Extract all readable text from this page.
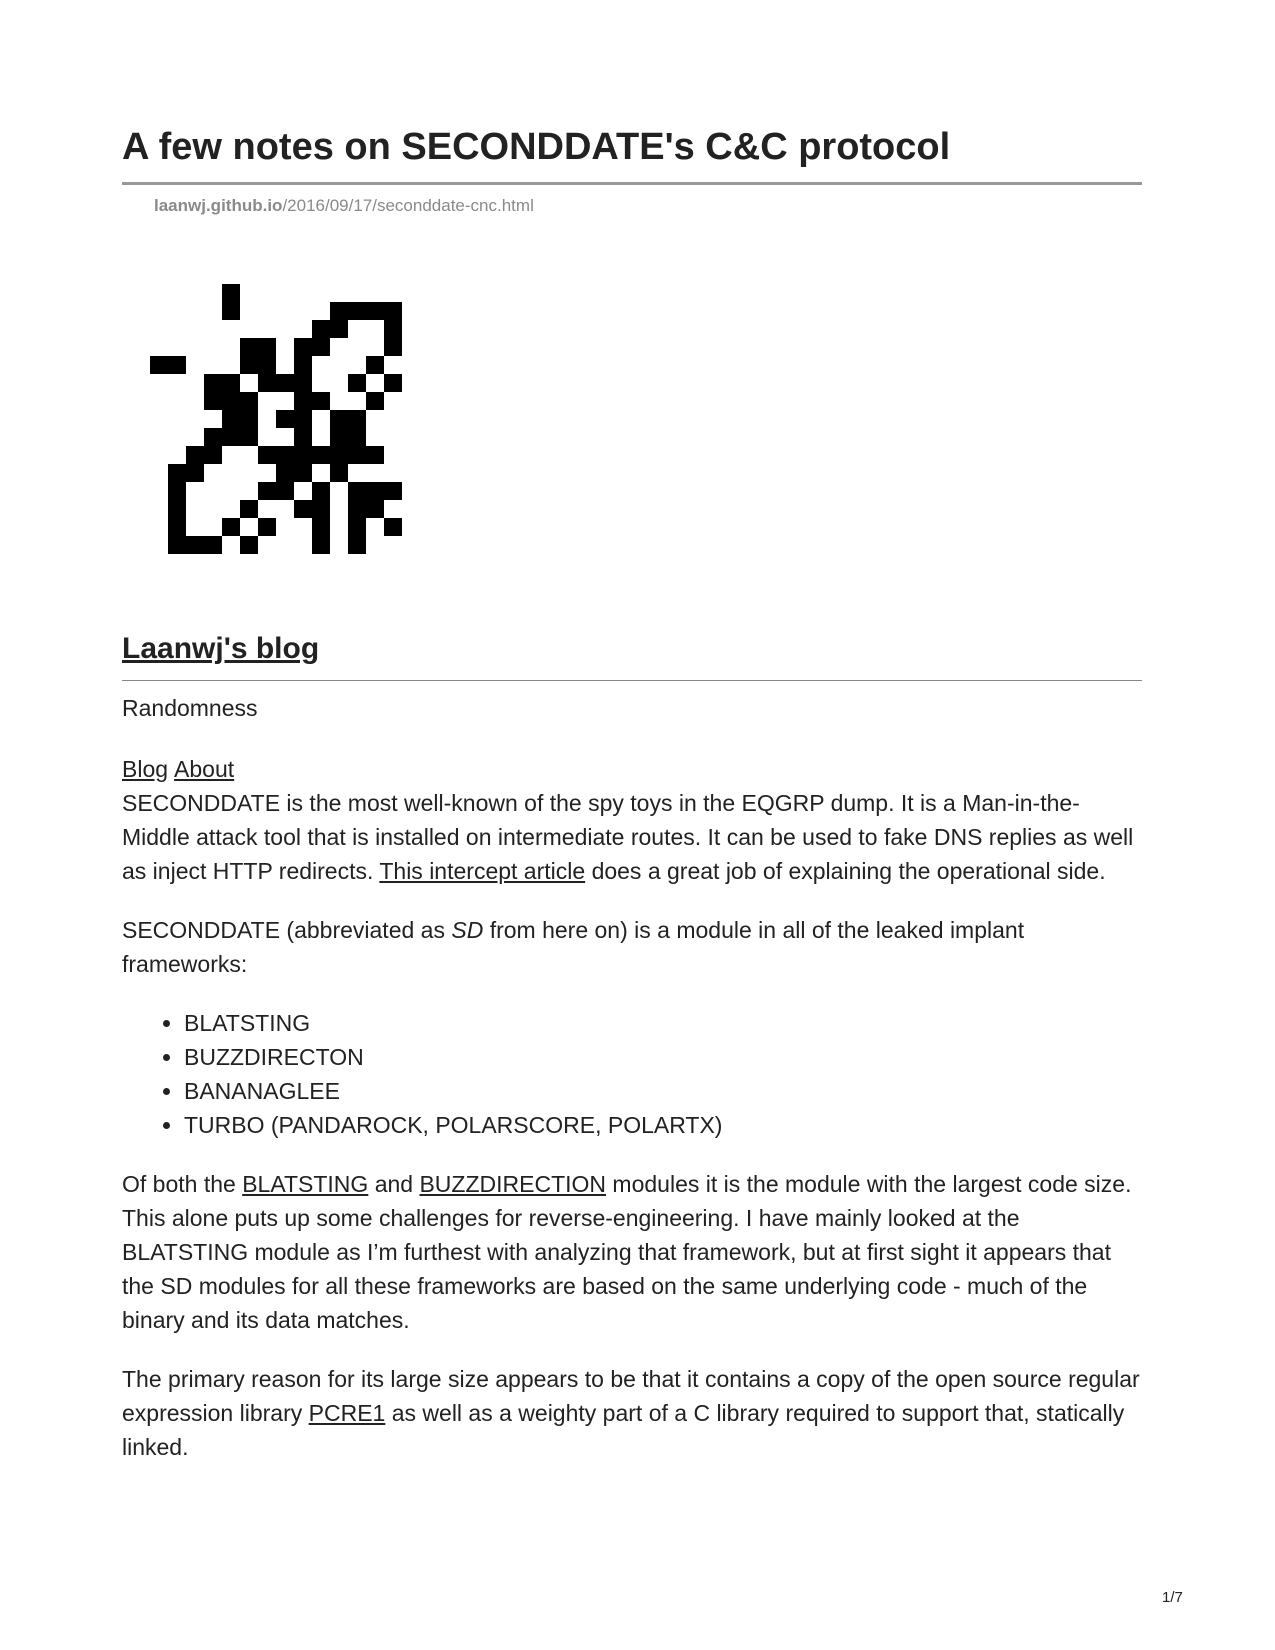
A few notes on SECONDDATE's C&C protocol
laanwj.github.io/2016/09/17/seconddate-cnc.html
Laanwj's blog
Randomness
Blog About

SECONDDATE is the most well-known of the spy toys in the EQGRP dump. It is a Man-in-the-Middle attack tool that is installed on intermediate routes. It can be used to fake DNS replies as well as inject HTTP redirects. This intercept article does a great job of explaining the operational side.

SECONDDATE (abbreviated as SD from here on) is a module in all of the leaked implant frameworks:

• BLATSTING
• BUZZDIRECTON
• BANANAGLEE
• TURBO (PANDAROCK, POLARSCORE, POLARTX)

Of both the BLATSTING and BUZZDIRECTION modules it is the module with the largest code size. This alone puts up some challenges for reverse-engineering. I have mainly looked at the BLATSTING module as I’m furthest with analyzing that framework, but at first sight it appears that the SD modules for all these frameworks are based on the same underlying code - much of the binary and its data matches.

The primary reason for its large size appears to be that it contains a copy of the open source regular expression library PCRE1 as well as a weighty part of a C library required to support that, statically linked.

1/7
